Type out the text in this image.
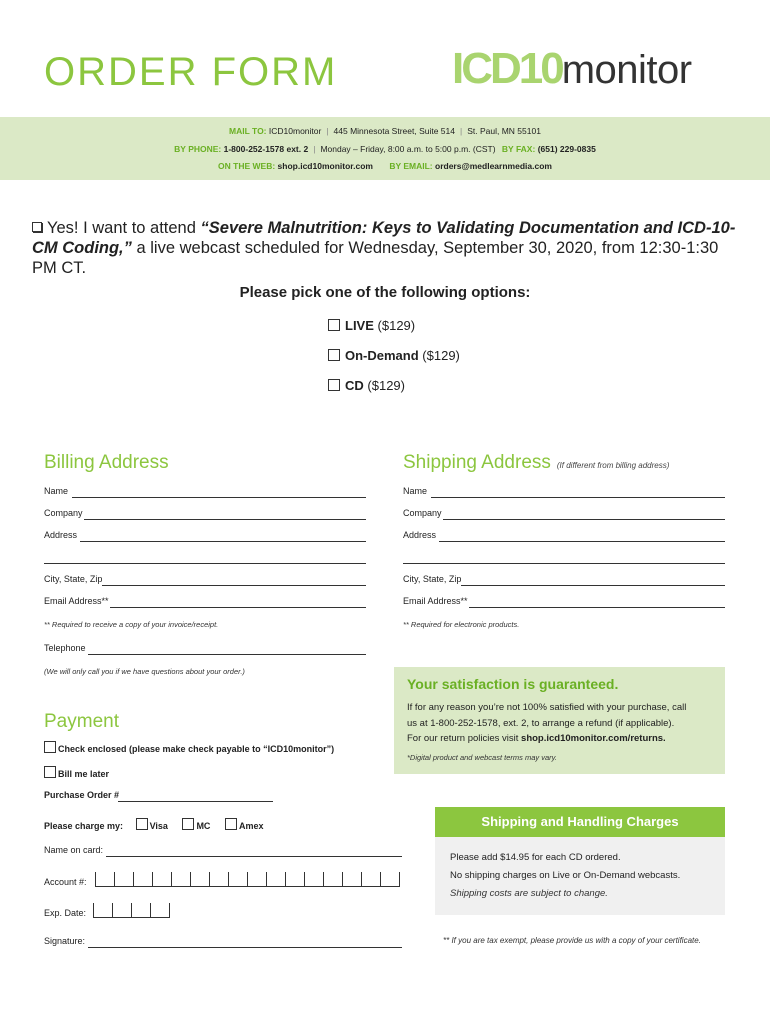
ORDER FORM	ICD10monitor
MAIL TO: ICD10monitor | 445 Minnesota Street, Suite 514 | St. Paul, MN 55101
BY PHONE: 1-800-252-1578 ext. 2 | Monday – Friday, 8:00 a.m. to 5:00 p.m. (CST) BY FAX: (651) 229-0835
ON THE WEB: shop.icd10monitor.com BY EMAIL: orders@medlearnmedia.com
Yes! I want to attend “Severe Malnutrition: Keys to Validating Documentation and ICD-10-CM Coding,” a live webcast scheduled for Wednesday, September 30, 2020, from 12:30-1:30 PM CT.
Please pick one of the following options:
LIVE ($129)
On-Demand ($129)
CD ($129)
Billing Address
Name
Company
Address
City, State, Zip
Email Address**
** Required to receive a copy of your invoice/receipt.
Telephone
(We will only call you if we have questions about your order.)
Shipping Address (If different from billing address)
Name
Company
Address
City, State, Zip
Email Address**
** Required for electronic products.
Your satisfaction is guaranteed.
If for any reason you’re not 100% satisfied with your purchase, call
us at 1-800-252-1578, ext. 2, to arrange a refund (if applicable).
For our return policies visit shop.icd10monitor.com/returns.
*Digital product and webcast terms may vary.
Payment
Check enclosed (please make check payable to “ICD10monitor”)
Bill me later
Purchase Order #
Please charge my:	Visa	MC	Amex
Name on card:
Account #:
Exp. Date:
Signature:
Shipping and Handling Charges
Please add $14.95 for each CD ordered.
No shipping charges on Live or On-Demand webcasts.
Shipping costs are subject to change.
** If you are tax exempt, please provide us with a copy of your certificate.
